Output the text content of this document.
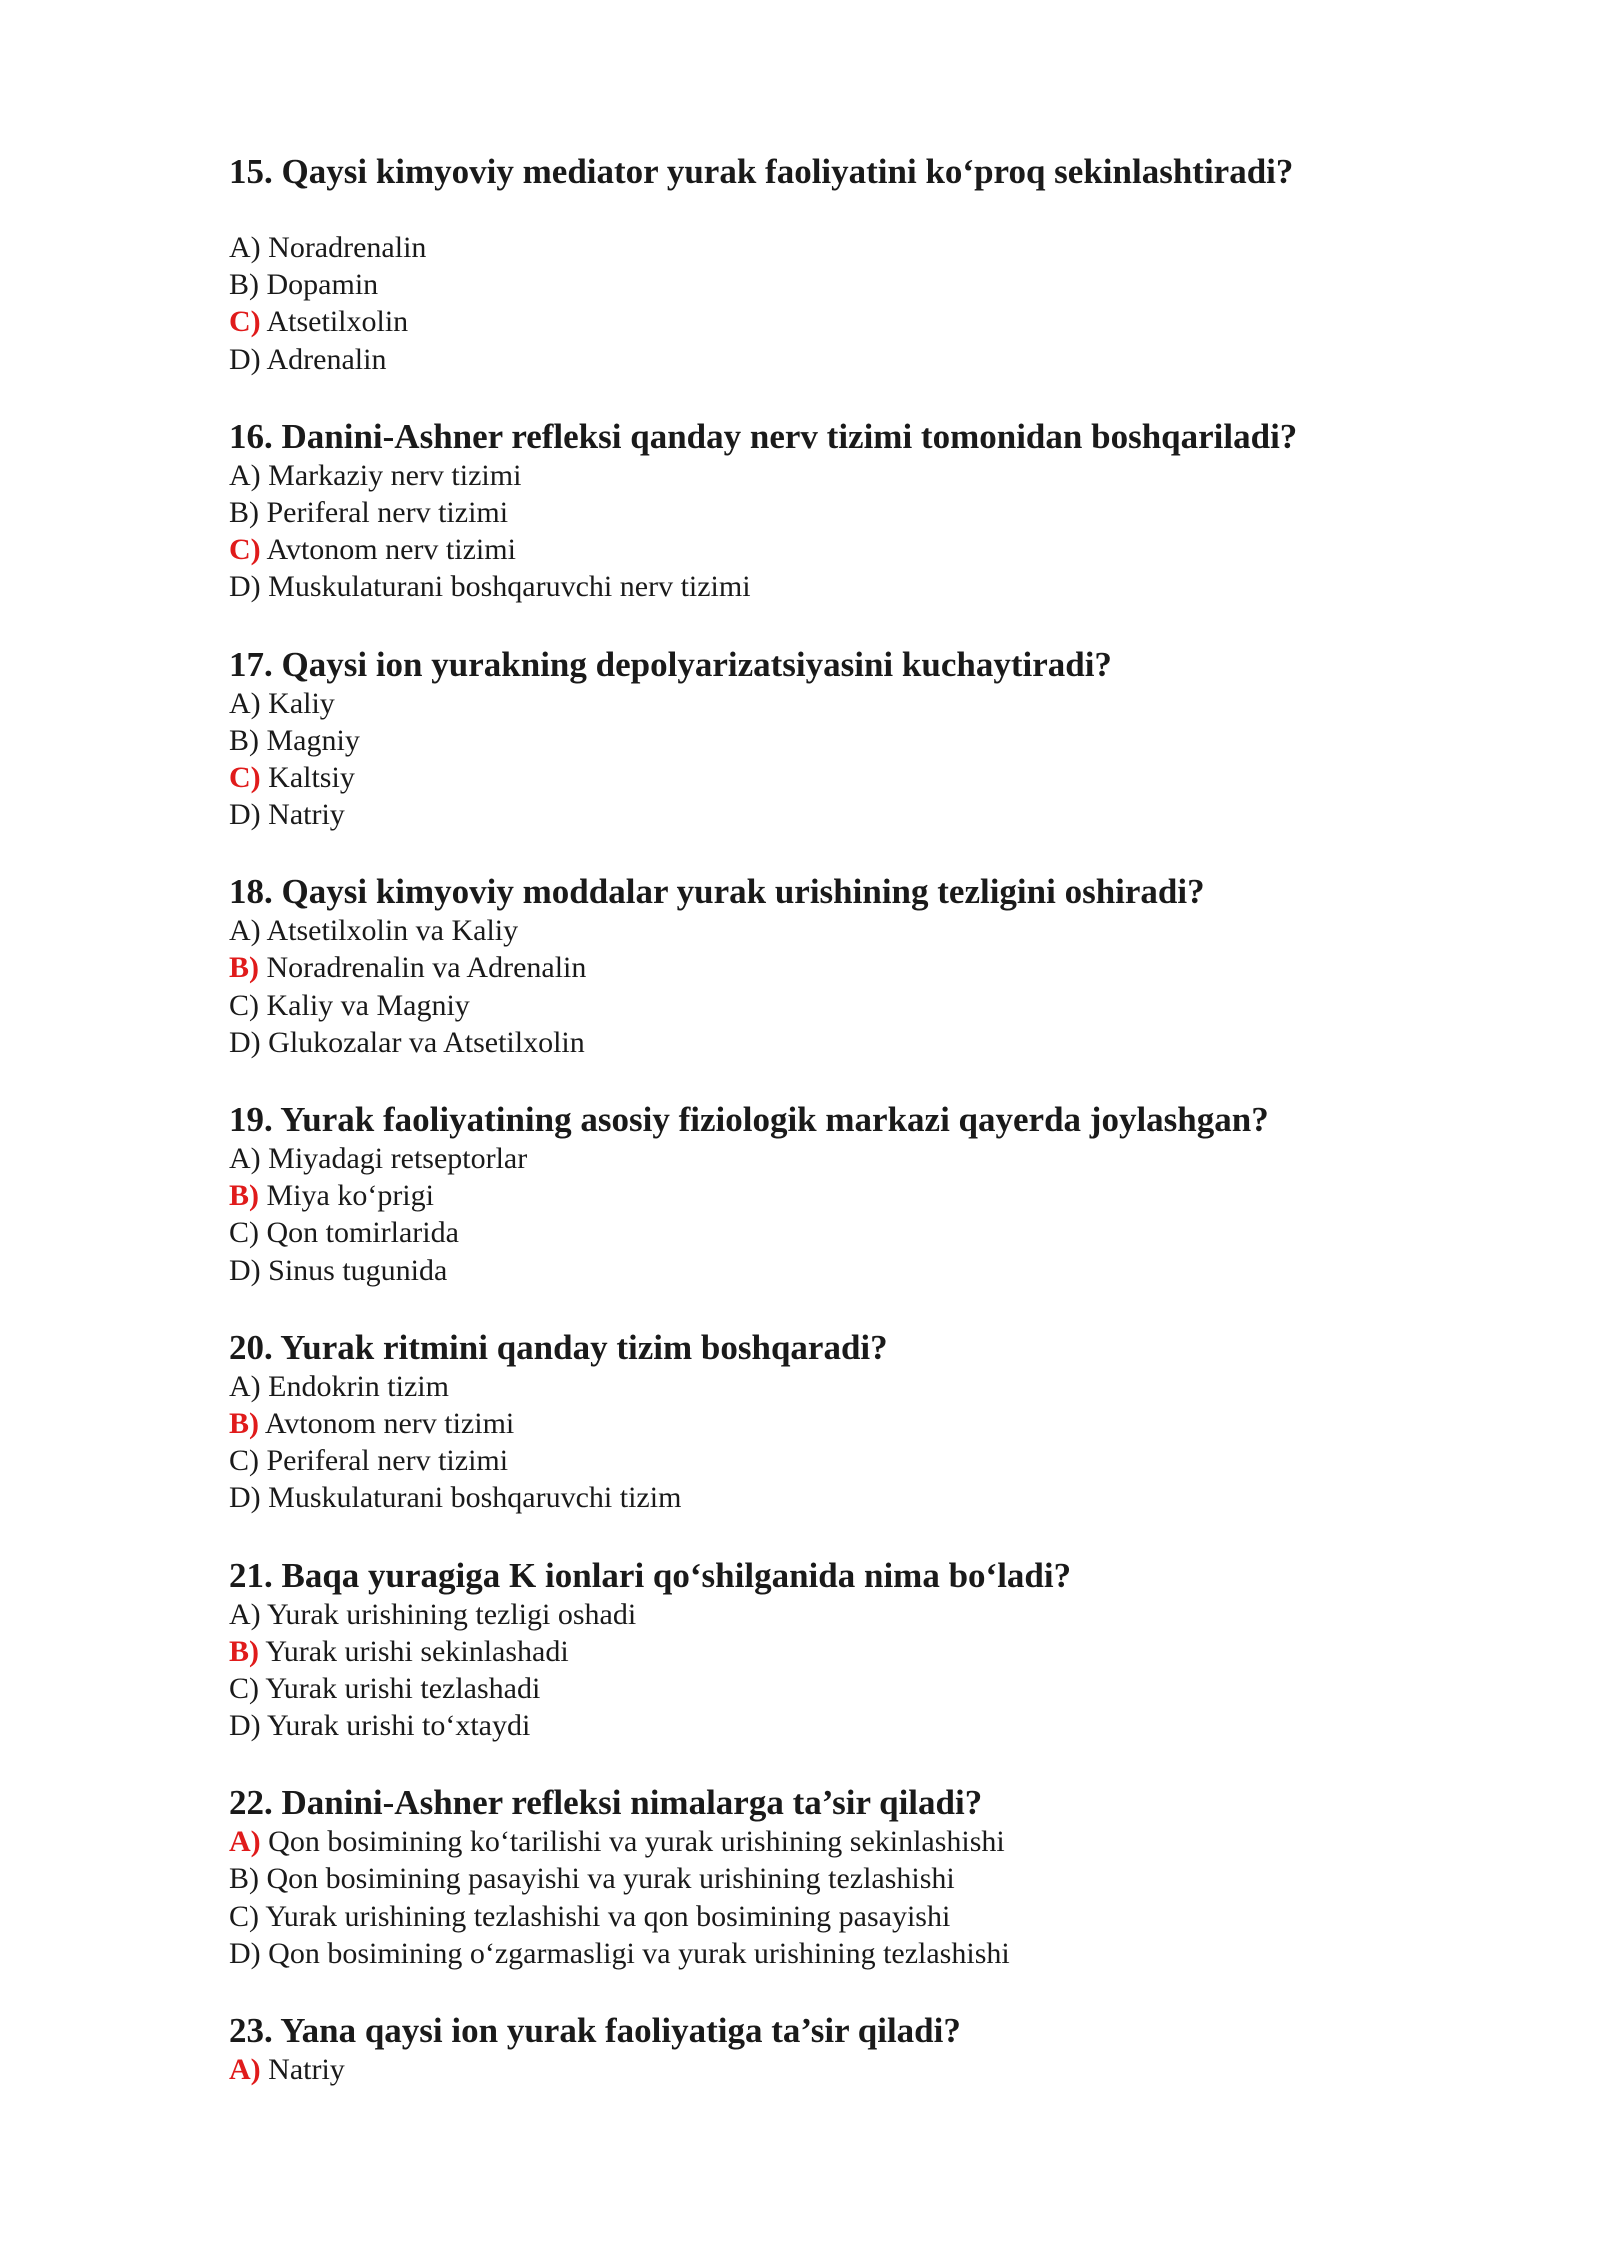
15. Qaysi kimyoviy mediator yurak faoliyatini ko‘proq sekinlashtiradi?
A) Noradrenalin
B) Dopamin
C) Atsetilxolin
D) Adrenalin
16. Danini-Ashner refleksi qanday nerv tizimi tomonidan boshqariladi?
A) Markaziy nerv tizimi
B) Periferal nerv tizimi
C) Avtonom nerv tizimi
D) Muskulaturani boshqaruvchi nerv tizimi
17. Qaysi ion yurakning depolyarizatsiyasini kuchaytiradi?
A) Kaliy
B) Magniy
C) Kaltsiy
D) Natriy
18. Qaysi kimyoviy moddalar yurak urishining tezligini oshiradi?
A) Atsetilxolin va Kaliy
B) Noradrenalin va Adrenalin
C) Kaliy va Magniy
D) Glukozalar va Atsetilxolin
19. Yurak faoliyatining asosiy fiziologik markazi qayerda joylashgan?
A) Miyadagi retseptorlar
B) Miya ko‘prigi
C) Qon tomirlarida
D) Sinus tugunida
20. Yurak ritmini qanday tizim boshqaradi?
A) Endokrin tizim
B) Avtonom nerv tizimi
C) Periferal nerv tizimi
D) Muskulaturani boshqaruvchi tizim
21. Baqa yuragiga K ionlari qo‘shilganida nima bo‘ladi?
A) Yurak urishining tezligi oshadi
B) Yurak urishi sekinlashadi
C) Yurak urishi tezlashadi
D) Yurak urishi to‘xtaydi
22. Danini-Ashner refleksi nimalarga ta’sir qiladi?
A) Qon bosimining ko‘tarilishi va yurak urishining sekinlashishi
B) Qon bosimining pasayishi va yurak urishining tezlashishi
C) Yurak urishining tezlashishi va qon bosimining pasayishi
D) Qon bosimining o‘zgarmasligi va yurak urishining tezlashishi
23. Yana qaysi ion yurak faoliyatiga ta’sir qiladi?
A) Natriy
